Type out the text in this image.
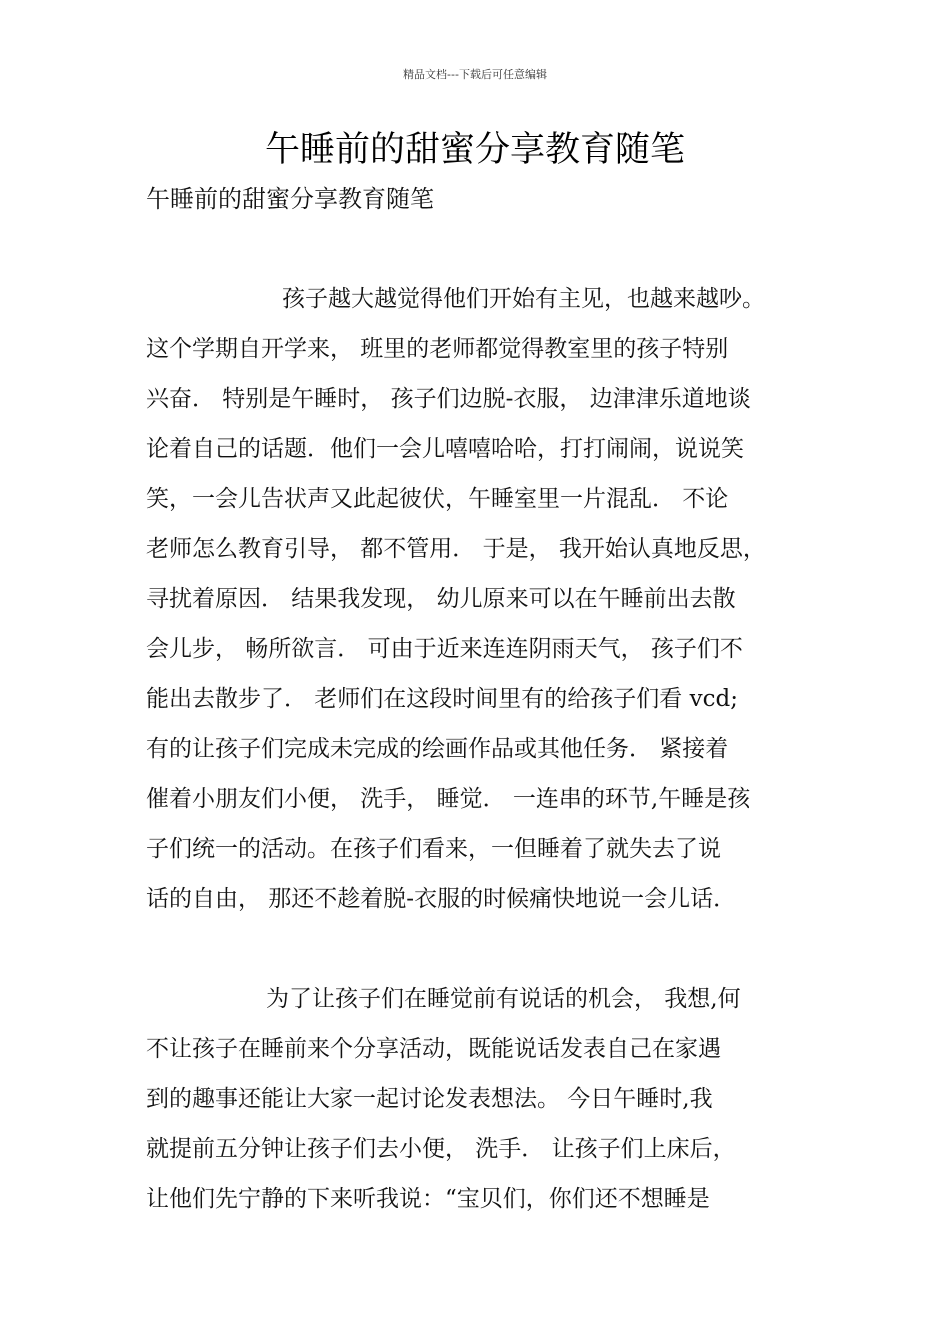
精品文档---下载后可任意编辑
午睡前的甜蜜分享教育随笔
午睡前的甜蜜分享教育随笔
孩子越大越觉得他们开始有主见，也越来越吵。
这个学期自开学来， 班里的老师都觉得教室里的孩子特别
兴奋． 特别是午睡时， 孩子们边脱-衣服， 边津津乐道地谈
论着自己的话题．他们一会儿嘻嘻哈哈，打打闹闹，说说笑
笑，一会儿告状声又此起彼伏，午睡室里一片混乱． 不论
老师怎么教育引导， 都不管用． 于是， 我开始认真地反思，
寻扰着原因． 结果我发现， 幼儿原来可以在午睡前出去散
会儿步， 畅所欲言． 可由于近来连连阴雨天气， 孩子们不
能出去散步了． 老师们在这段时间里有的给孩子们看 vcd;
有的让孩子们完成未完成的绘画作品或其他任务． 紧接着
催着小朋友们小便， 洗手， 睡觉． 一连串的环节,午睡是孩
子们统一的活动。在孩子们看来，一但睡着了就失去了说
话的自由， 那还不趁着脱-衣服的时候痛快地说一会儿话．
为了让孩子们在睡觉前有说话的机会， 我想,何
不让孩子在睡前来个分享活动，既能说话发表自己在家遇
到的趣事还能让大家一起讨论发表想法。 今日午睡时,我
就提前五分钟让孩子们去小便， 洗手． 让孩子们上床后，
让他们先宁静的下来听我说：“宝贝们，你们还不想睡是
